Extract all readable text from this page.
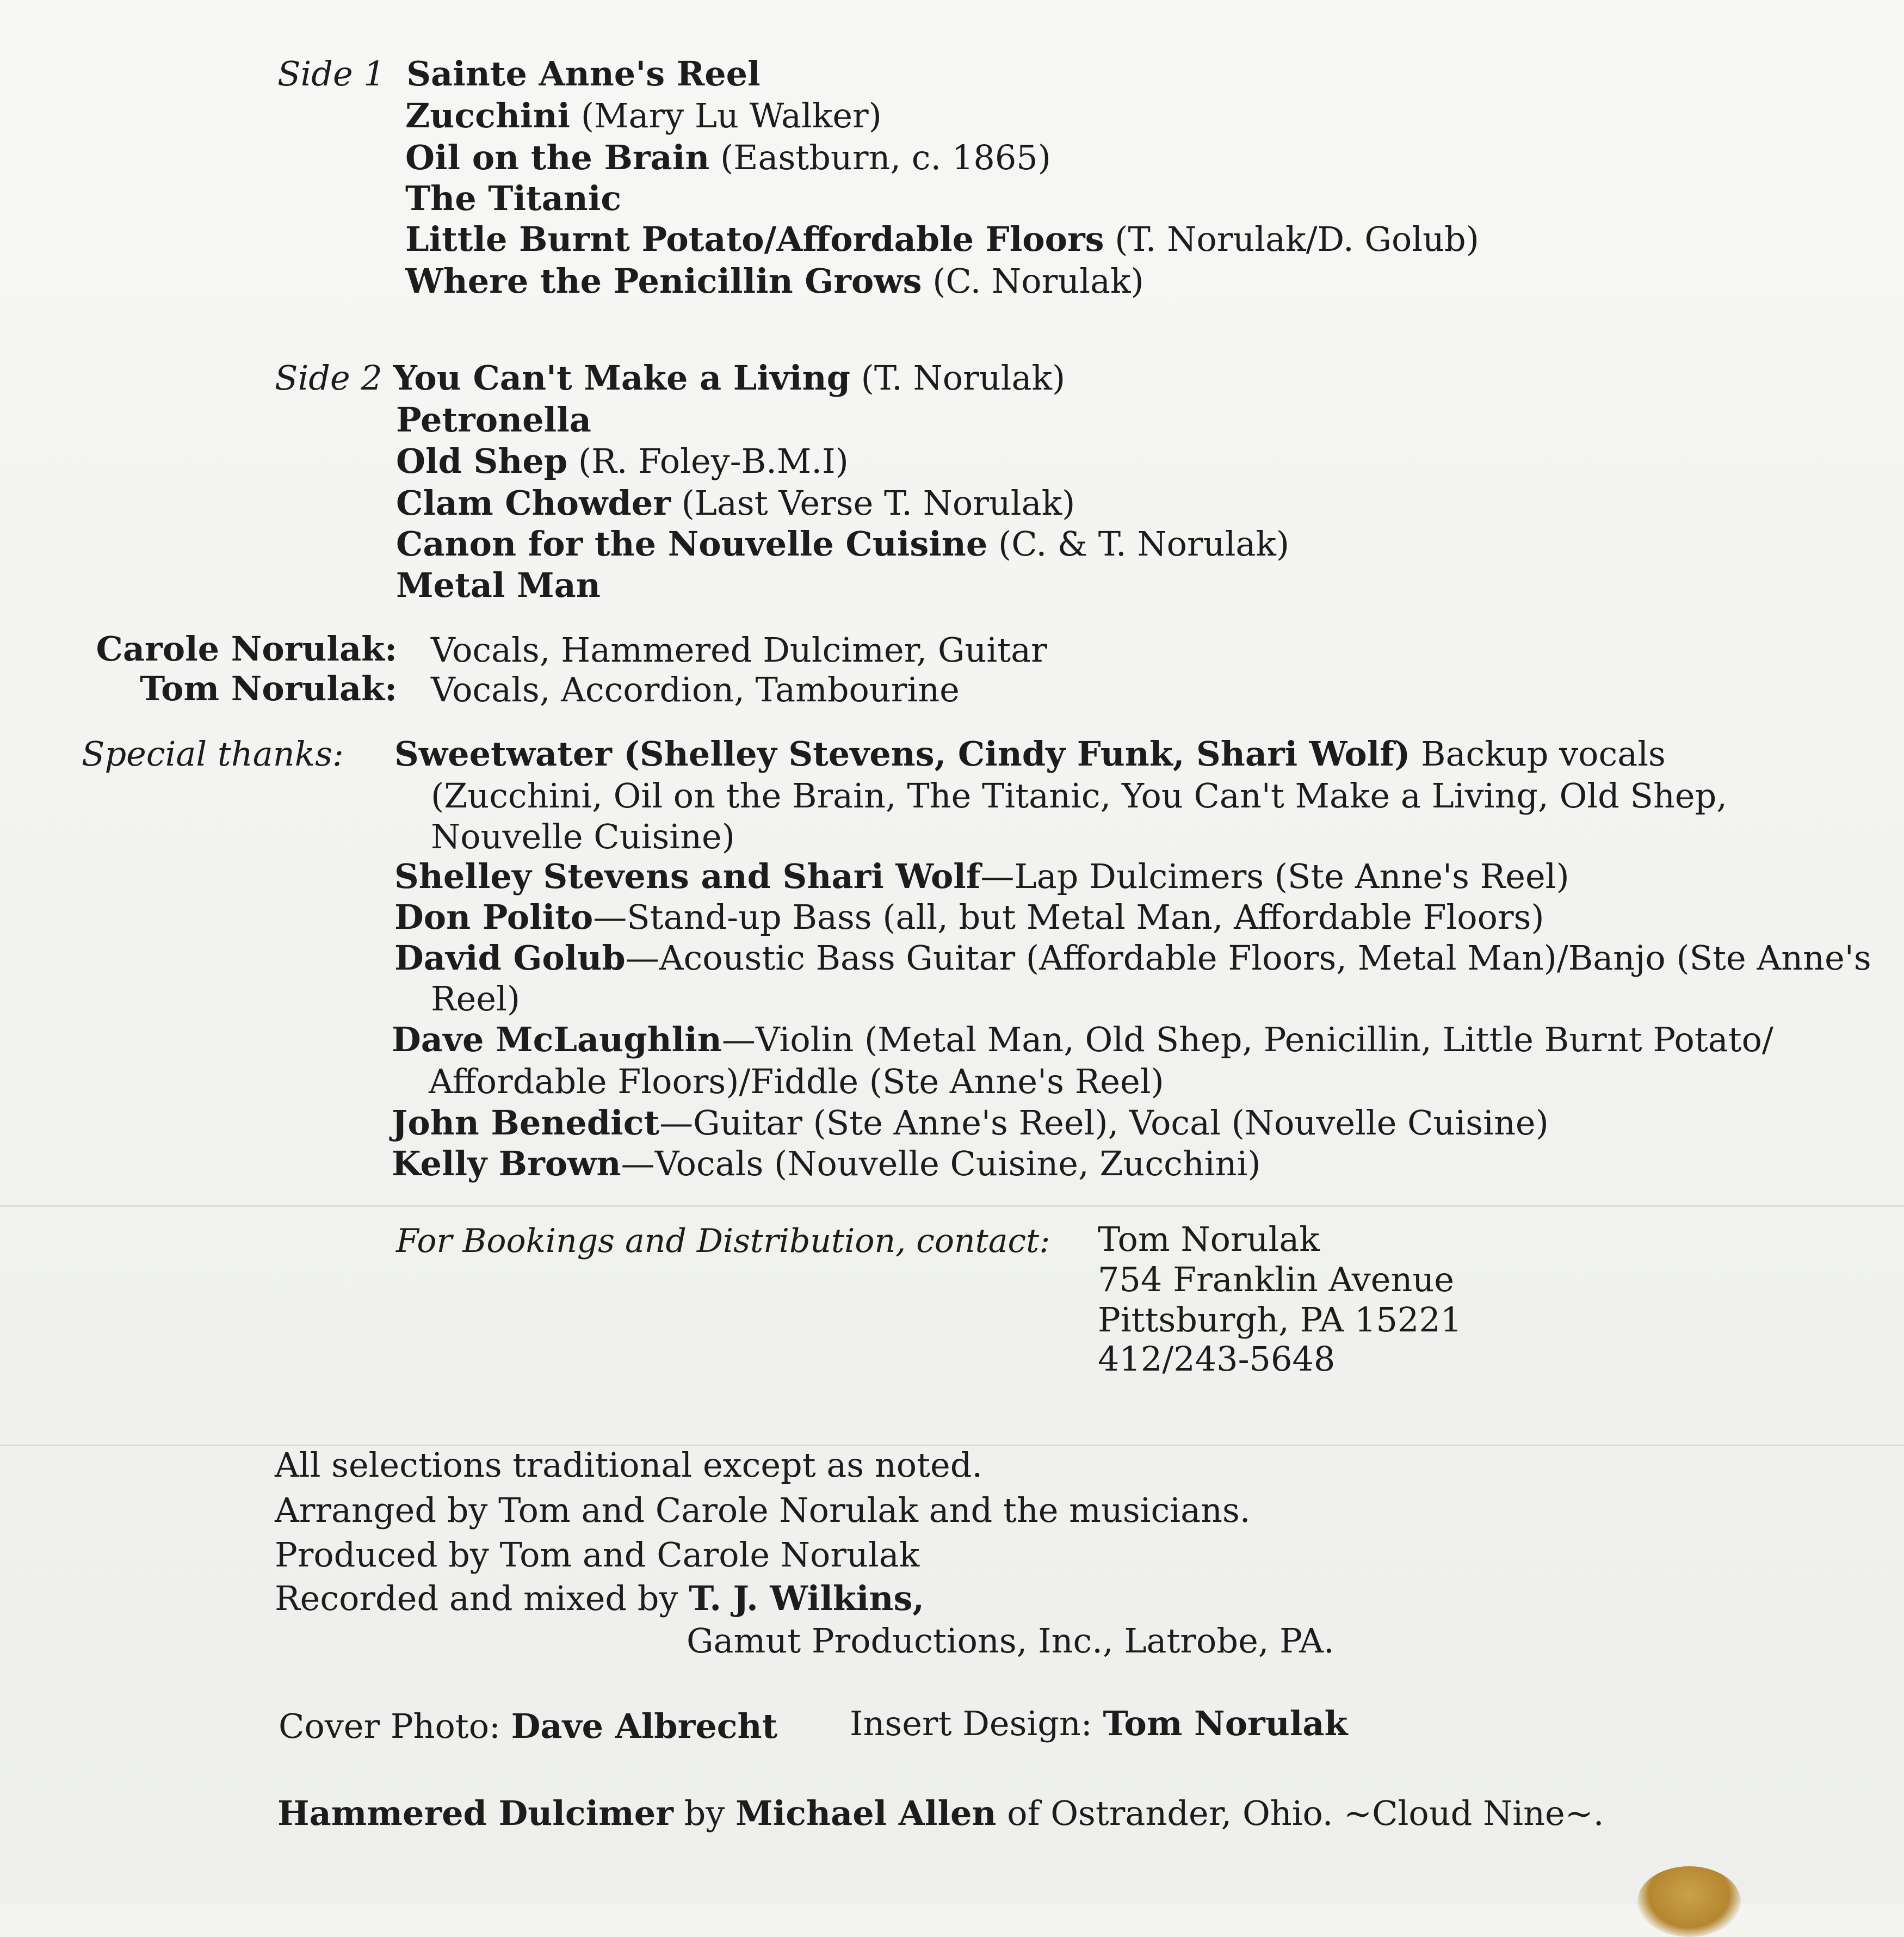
Side 1 Sainte Anne's Reel
Zucchini (Mary Lu Walker)
Oil on the Brain (Eastburn, c. 1865)
The Titanic
Little Burnt Potato/Affordable Floors (T. Norulak/D. Golub)
Where the Penicillin Grows (C. Norulak)
Side 2 You Can't Make a Living (T. Norulak)
Petronella
Old Shep (R. Foley-B.M.I)
Clam Chowder (Last Verse T. Norulak)
Canon for the Nouvelle Cuisine (C. & T. Norulak)
Metal Man
Carole Norulak: Vocals, Hammered Dulcimer, Guitar
Tom Norulak: Vocals, Accordion, Tambourine
Special thanks: Sweetwater (Shelley Stevens, Cindy Funk, Shari Wolf) Backup vocals
(Zucchini, Oil on the Brain, The Titanic, You Can't Make a Living, Old Shep,
Nouvelle Cuisine)
Shelley Stevens and Shari Wolf—Lap Dulcimers (Ste Anne's Reel)
Don Polito—Stand-up Bass (all, but Metal Man, Affordable Floors)
David Golub—Acoustic Bass Guitar (Affordable Floors, Metal Man)/Banjo (Ste Anne's
Reel)
Dave McLaughlin—Violin (Metal Man, Old Shep, Penicillin, Little Burnt Potato/
Affordable Floors)/Fiddle (Ste Anne's Reel)
John Benedict—Guitar (Ste Anne's Reel), Vocal (Nouvelle Cuisine)
Kelly Brown—Vocals (Nouvelle Cuisine, Zucchini)
For Bookings and Distribution, contact: Tom Norulak
754 Franklin Avenue
Pittsburgh, PA 15221
412/243-5648
All selections traditional except as noted.
Arranged by Tom and Carole Norulak and the musicians.
Produced by Tom and Carole Norulak
Recorded and mixed by T. J. Wilkins,
Gamut Productions, Inc., Latrobe, PA.
Cover Photo: Dave Albrecht Insert Design: Tom Norulak
Hammered Dulcimer by Michael Allen of Ostrander, Ohio. ~Cloud Nine~.
